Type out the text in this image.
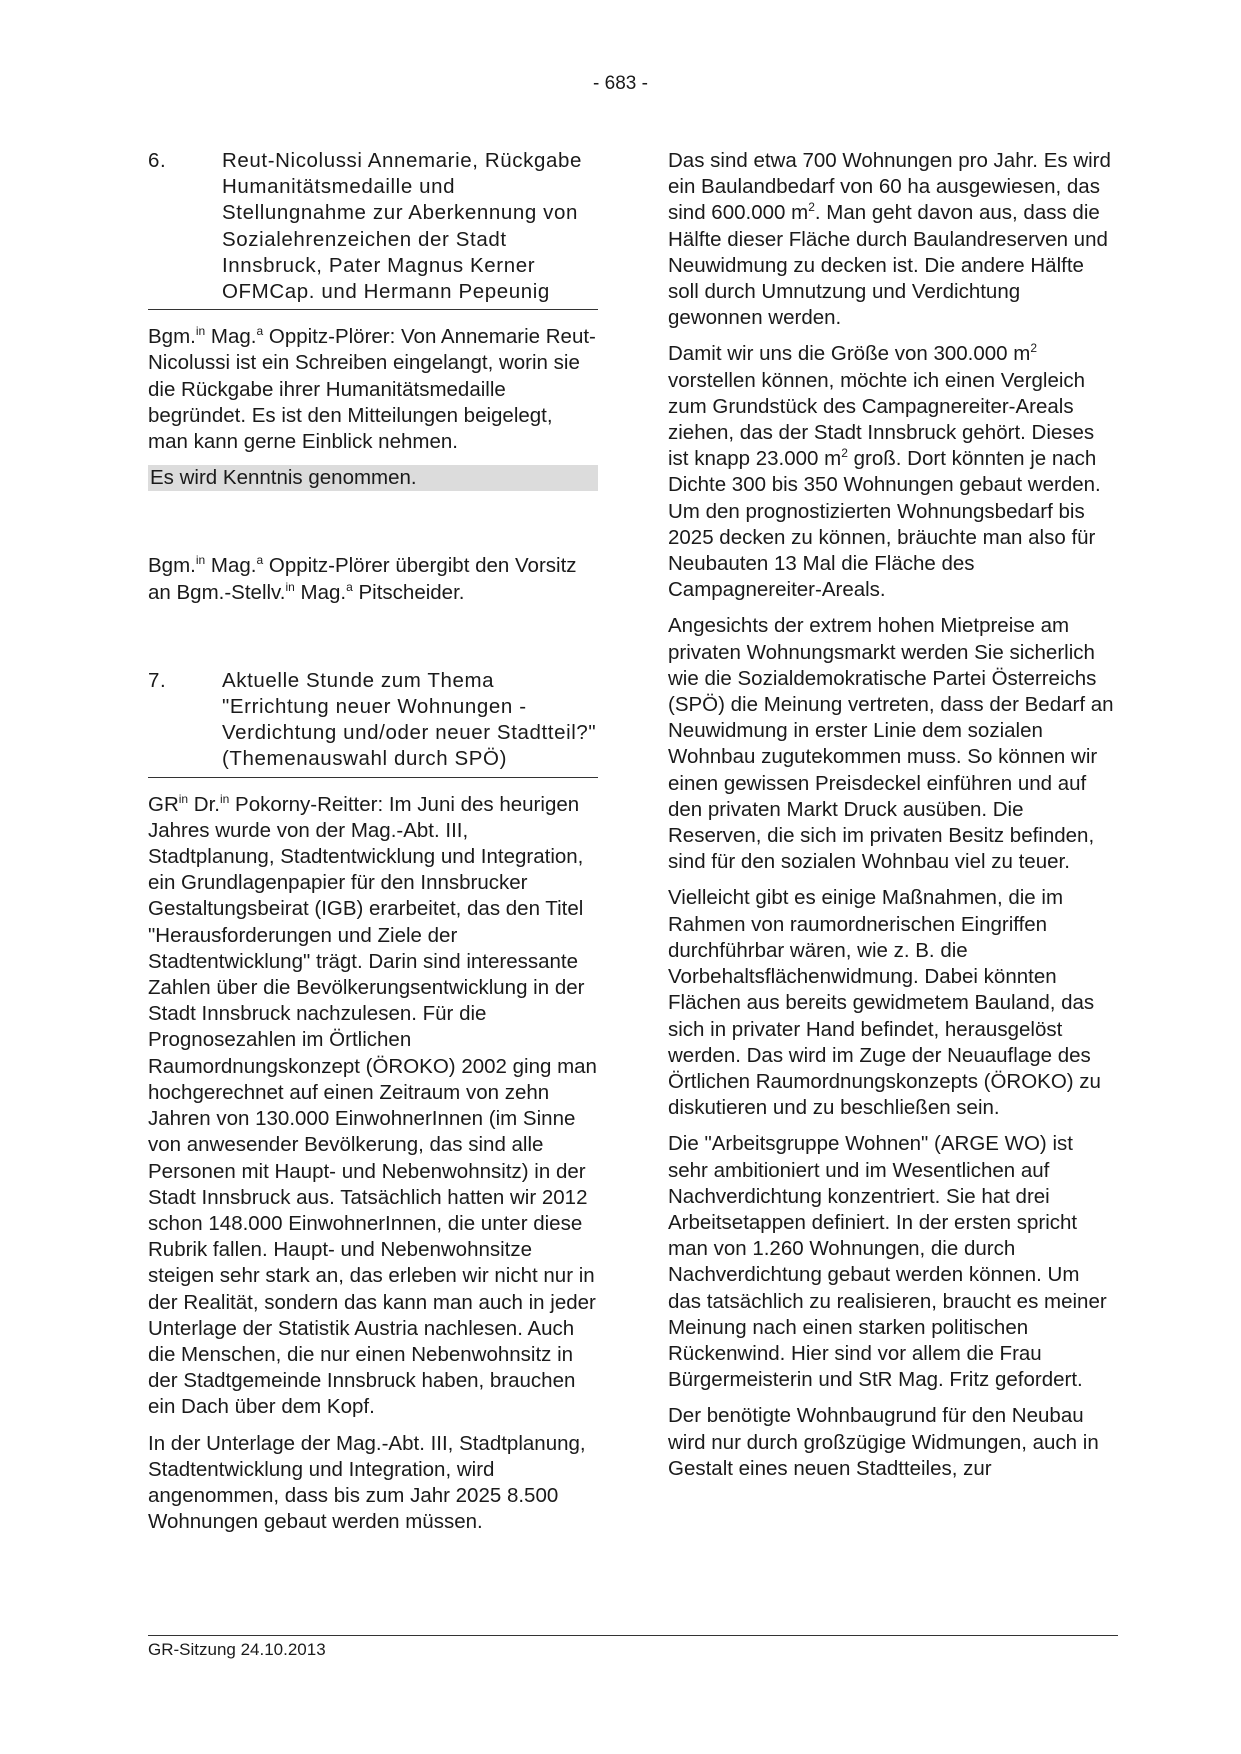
- 683 -
6.	Reut-Nicolussi Annemarie, Rückgabe Humanitätsmedaille und Stellungnahme zur Aberkennung von Sozialehrenzeichen der Stadt Innsbruck, Pater Magnus Kerner OFMCap. und Hermann Pepeunig

Bgm.$^{in}$ Mag.$^a$ Oppitz-Plörer: Von Annemarie Reut-Nicolussi ist ein Schreiben eingelangt, worin sie die Rückgabe ihrer Humanitätsmedaille begründet. Es ist den Mitteilungen beigelegt, man kann gerne Einblick nehmen.

Es wird Kenntnis genommen.

Bgm.$^{in}$ Mag.$^a$ Oppitz-Plörer übergibt den Vorsitz an Bgm.-Stellv.$^{in}$ Mag.$^a$ Pitscheider.

7.	Aktuelle Stunde zum Thema "Errichtung neuer Wohnungen - Verdichtung und/oder neuer Stadtteil?" (Themenauswahl durch SPÖ)

$GR^{in}$ Dr.$^{in}$ Pokorny-Reitter: Im Juni des heurigen Jahres wurde von der Mag.-Abt. III, Stadtplanung, Stadtentwicklung und Integration, ein Grundlagenpapier für den Innsbrucker Gestaltungsbeirat (IGB) erarbeitet, das den Titel "Herausforderungen und Ziele der Stadtentwicklung" trägt. Darin sind interessante Zahlen über die Bevölkerungsentwicklung in der Stadt Innsbruck nachzulesen. Für die Prognosezahlen im Örtlichen Raumordnungskonzept (ÖROKO) 2002 ging man hochgerechnet auf einen Zeitraum von zehn Jahren von 130.000 EinwohnerInnen (im Sinne von anwesender Bevölkerung, das sind alle Personen mit Haupt- und Nebenwohnsitz) in der Stadt Innsbruck aus. Tatsächlich hatten wir 2012 schon 148.000 EinwohnerInnen, die unter diese Rubrik fallen. Haupt- und Nebenwohnsitze steigen sehr stark an, das erleben wir nicht nur in der Realität, sondern das kann man auch in jeder Unterlage der Statistik Austria nachlesen. Auch die Menschen, die nur einen Nebenwohnsitz in der Stadtgemeinde Innsbruck haben, brauchen ein Dach über dem Kopf.

In der Unterlage der Mag.-Abt. III, Stadtplanung, Stadtentwicklung und Integration, wird angenommen, dass bis zum Jahr 2025 8.500 Wohnungen gebaut werden müssen.

Das sind etwa 700 Wohnungen pro Jahr. Es wird ein Baulandbedarf von 60 ha ausgewiesen, das sind 600.000 $m^2$. Man geht davon aus, dass die Hälfte dieser Fläche durch Baulandreserven und Neuwidmung zu decken ist. Die andere Hälfte soll durch Umnutzung und Verdichtung gewonnen werden.

Damit wir uns die Größe von 300.000 $m^2$ vorstellen können, möchte ich einen Vergleich zum Grundstück des Campagnereiter-Areals ziehen, das der Stadt Innsbruck gehört. Dieses ist knapp 23.000 $m^2$ groß. Dort könnten je nach Dichte 300 bis 350 Wohnungen gebaut werden. Um den prognostizierten Wohnungsbedarf bis 2025 decken zu können, bräuchte man also für Neubauten 13 Mal die Fläche des Campagnereiter-Areals.

Angesichts der extrem hohen Mietpreise am privaten Wohnungsmarkt werden Sie sicherlich wie die Sozialdemokratische Partei Österreichs (SPÖ) die Meinung vertreten, dass der Bedarf an Neuwidmung in erster Linie dem sozialen Wohnbau zugutekommen muss. So können wir einen gewissen Preisdeckel einführen und auf den privaten Markt Druck ausüben. Die Reserven, die sich im privaten Besitz befinden, sind für den sozialen Wohnbau viel zu teuer.

Vielleicht gibt es einige Maßnahmen, die im Rahmen von raumordnerischen Eingriffen durchführbar wären, wie z. B. die Vorbehaltsflächenwidmung. Dabei könnten Flächen aus bereits gewidmetem Bauland, das sich in privater Hand befindet, herausgelöst werden. Das wird im Zuge der Neuauflage des Örtlichen Raumordnungskonzepts (ÖROKO) zu diskutieren und zu beschließen sein.

Die "Arbeitsgruppe Wohnen" (ARGE WO) ist sehr ambitioniert und im Wesentlichen auf Nachverdichtung konzentriert. Sie hat drei Arbeitsetappen definiert. In der ersten spricht man von 1.260 Wohnungen, die durch Nachverdichtung gebaut werden können. Um das tatsächlich zu realisieren, braucht es meiner Meinung nach einen starken politischen Rückenwind. Hier sind vor allem die Frau Bürgermeisterin und StR Mag. Fritz gefordert.

Der benötigte Wohnbaugrund für den Neubau wird nur durch großzügige Widmungen, auch in Gestalt eines neuen Stadtteiles, zur

GR-Sitzung 24.10.2013
